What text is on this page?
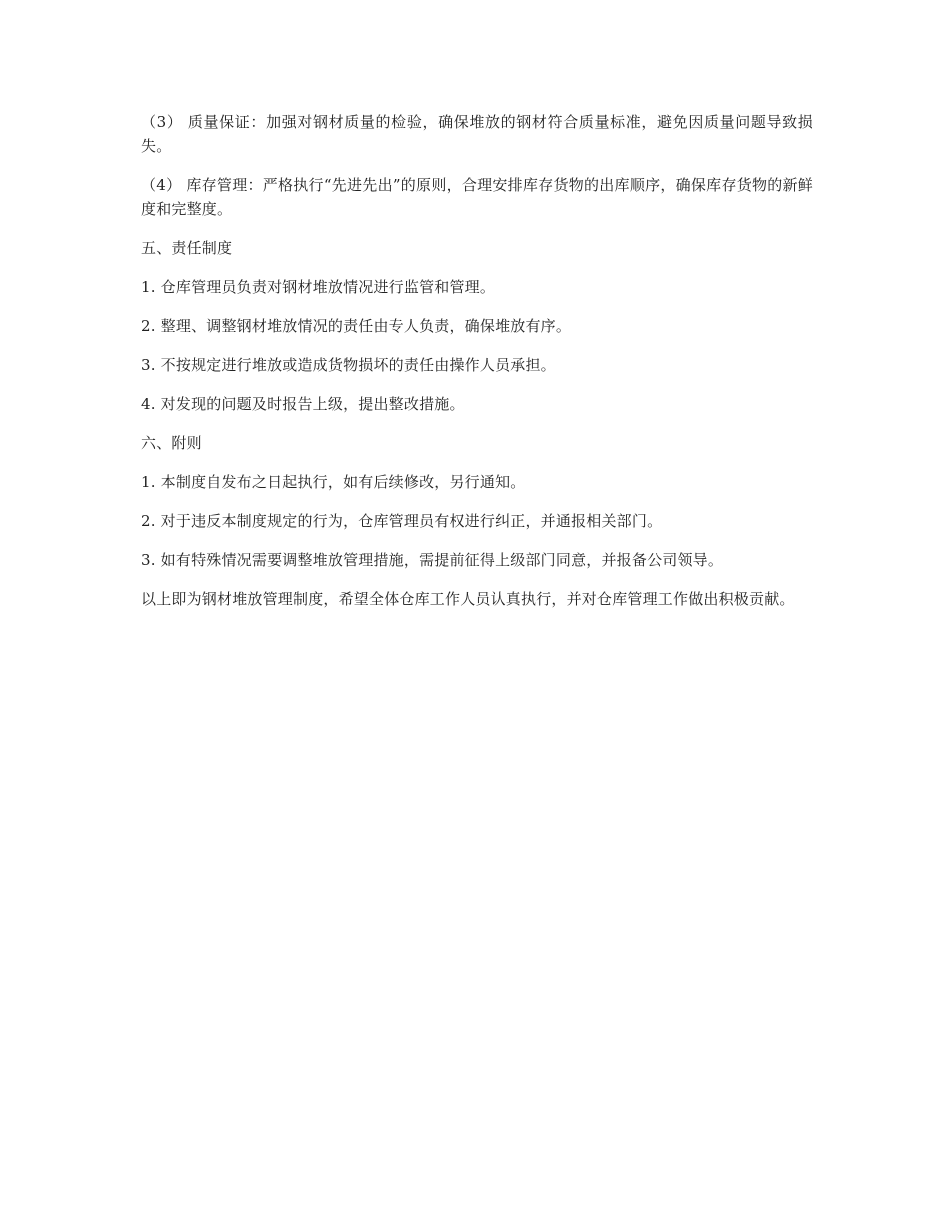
（3） 质量保证：加强对钢材质量的检验，确保堆放的钢材符合质量标准，避免因质量问题导致损失。

（4） 库存管理：严格执行“先进先出”的原则，合理安排库存货物的出库顺序，确保库存货物的新鲜度和完整度。

五、责任制度

1. 仓库管理员负责对钢材堆放情况进行监管和管理。

2. 整理、调整钢材堆放情况的责任由专人负责，确保堆放有序。

3. 不按规定进行堆放或造成货物损坏的责任由操作人员承担。

4. 对发现的问题及时报告上级，提出整改措施。

六、附则

1. 本制度自发布之日起执行，如有后续修改，另行通知。

2. 对于违反本制度规定的行为，仓库管理员有权进行纠正，并通报相关部门。

3. 如有特殊情况需要调整堆放管理措施，需提前征得上级部门同意，并报备公司领导。

以上即为钢材堆放管理制度，希望全体仓库工作人员认真执行，并对仓库管理工作做出积极贡献。
